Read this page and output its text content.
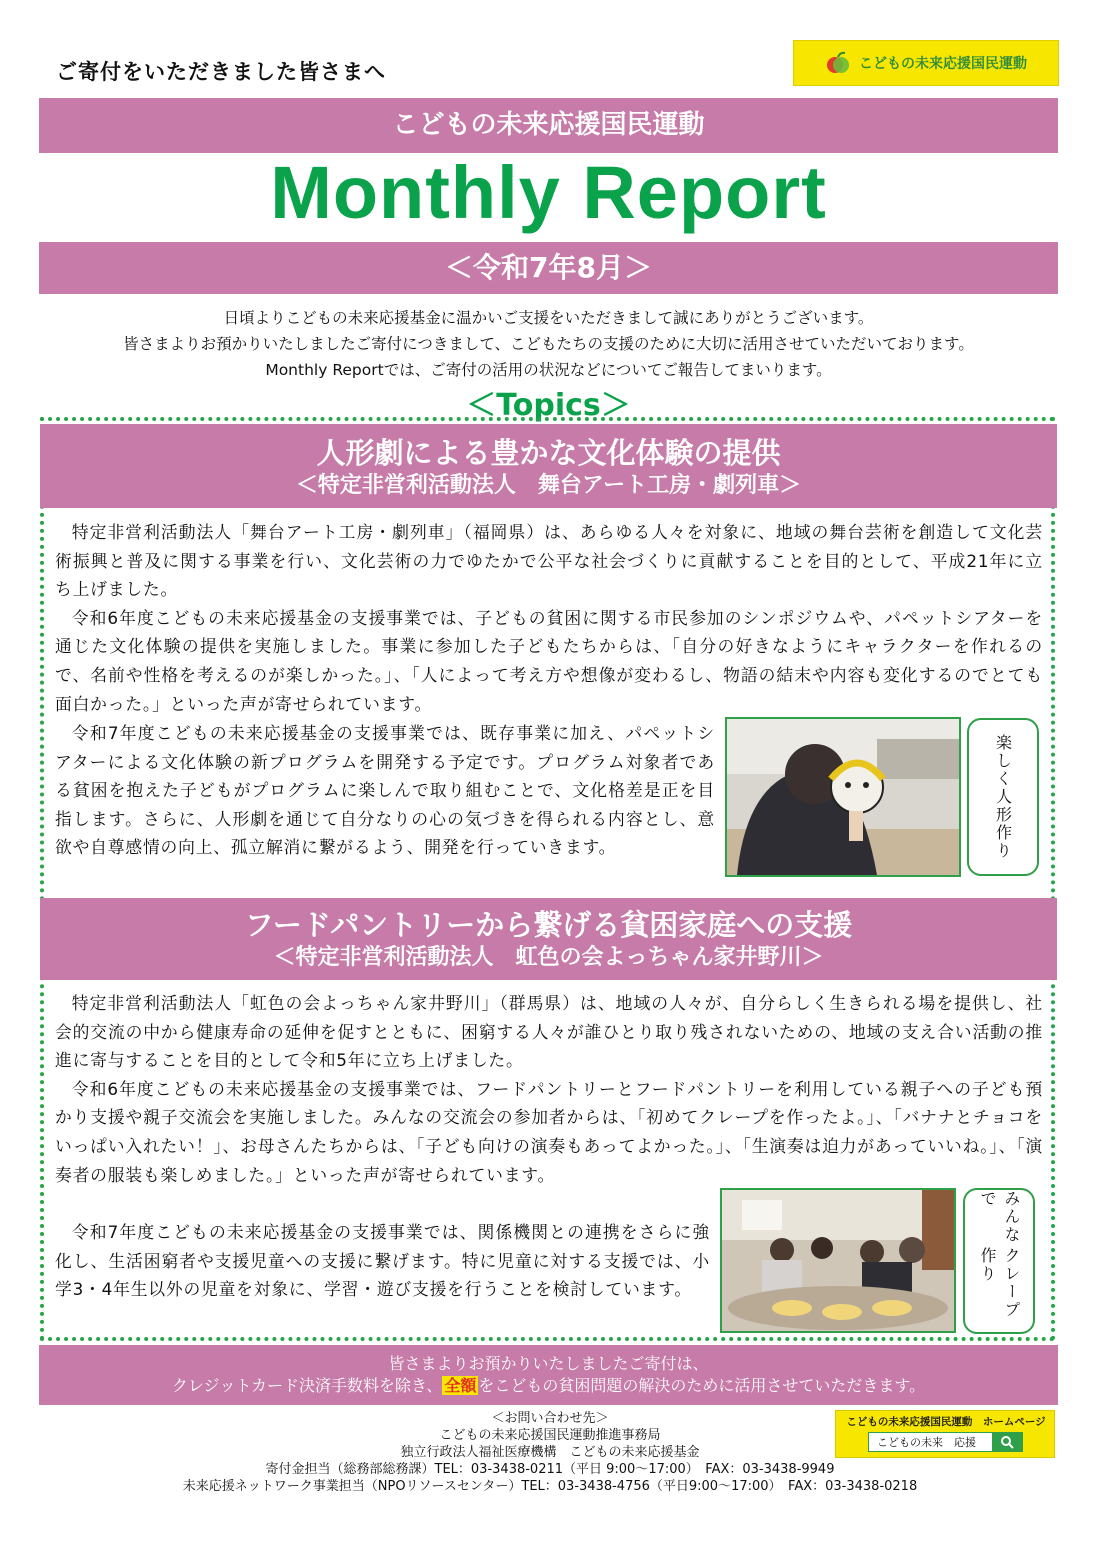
ご寄付をいただきました皆さまへ	こどもの未来応援国民運動
こどもの未来応援国民運動
Monthly Report
＜令和7年8月＞
日頃よりこどもの未来応援基金に温かいご支援をいただきまして誠にありがとうございます。
皆さまよりお預かりいたしましたご寄付につきまして、こどもたちの支援のために大切に活用させていただいております。
Monthly Reportでは、ご寄付の活用の状況などについてご報告してまいります。
＜Topics＞
人形劇による豊かな文化体験の提供
＜特定非営利活動法人　舞台アート工房・劇列車＞

特定非営利活動法人「舞台アート工房・劇列車」（福岡県）は、あらゆる人々を対象に、地域の舞台芸術を創造して文化芸術振興と普及に関する事業を行い、文化芸術の力でゆたかで公平な社会づくりに貢献することを目的として、平成21年に立ち上げました。

令和6年度こどもの未来応援基金の支援事業では、子どもの貧困に関する市民参加のシンポジウムや、パペットシアターを通じた文化体験の提供を実施しました。事業に参加した子どもたちからは、「自分の好きなようにキャラクターを作れるので、名前や性格を考えるのが楽しかった。」、「人によって考え方や想像が変わるし、物語の結末や内容も変化するのでとても面白かった。」といった声が寄せられています。

令和7年度こどもの未来応援基金の支援事業では、既存事業に加え、パペットシアターによる文化体験の新プログラムを開発する予定です。プログラム対象者である貧困を抱えた子どもがプログラムに楽しんで取り組むことで、文化格差是正を目指します。さらに、人形劇を通じて自分なりの心の気づきを得られる内容とし、意欲や自尊感情の向上、孤立解消に繋がるよう、開発を行っていきます。	楽しく人形作り
フードパントリーから繋げる貧困家庭への支援
＜特定非営利活動法人　虹色の会よっちゃん家井野川＞

特定非営利活動法人「虹色の会よっちゃん家井野川」（群馬県）は、地域の人々が、自分らしく生きられる場を提供し、社会的交流の中から健康寿命の延伸を促すとともに、困窮する人々が誰ひとり取り残されないための、地域の支え合い活動の推進に寄与することを目的として令和5年に立ち上げました。

令和6年度こどもの未来応援基金の支援事業では、フードパントリーとフードパントリーを利用している親子への子ども預かり支援や親子交流会を実施しました。みんなの交流会の参加者からは、「初めてクレープを作ったよ。」、「バナナとチョコをいっぱい入れたい！」、お母さんたちからは、「子ども向けの演奏もあってよかった。」、「生演奏は迫力があっていいね。」、「演奏者の服装も楽しめました。」といった声が寄せられています。

令和7年度こどもの未来応援基金の支援事業では、関係機関との連携をさらに強化し、生活困窮者や支援児童への支援に繋げます。特に児童に対する支援では、小学3・4年生以外の児童を対象に、学習・遊び支援を行うことを検討しています。

みんなで
クレープ作り
皆さまよりお預かりいたしましたご寄付は、
クレジットカード決済手数料を除き、 全額 をこどもの貧困問題の解決のために活用させていただきます。
＜お問い合わせ先＞
こどもの未来応援国民運動推進事務局
独立行政法人福祉医療機構　こどもの未来応援基金
寄付金担当（総務部総務課）TEL：03-3438-0211（平日 9:00～17:00）　FAX：03-3438-9949
未来応援ネットワーク事業担当（NPOリソースセンター）TEL：03-3438-4756（平日9:00～17:00）　FAX：03-3438-0218
こどもの未来応援国民運動　ホームページ
こどもの未来　応援
